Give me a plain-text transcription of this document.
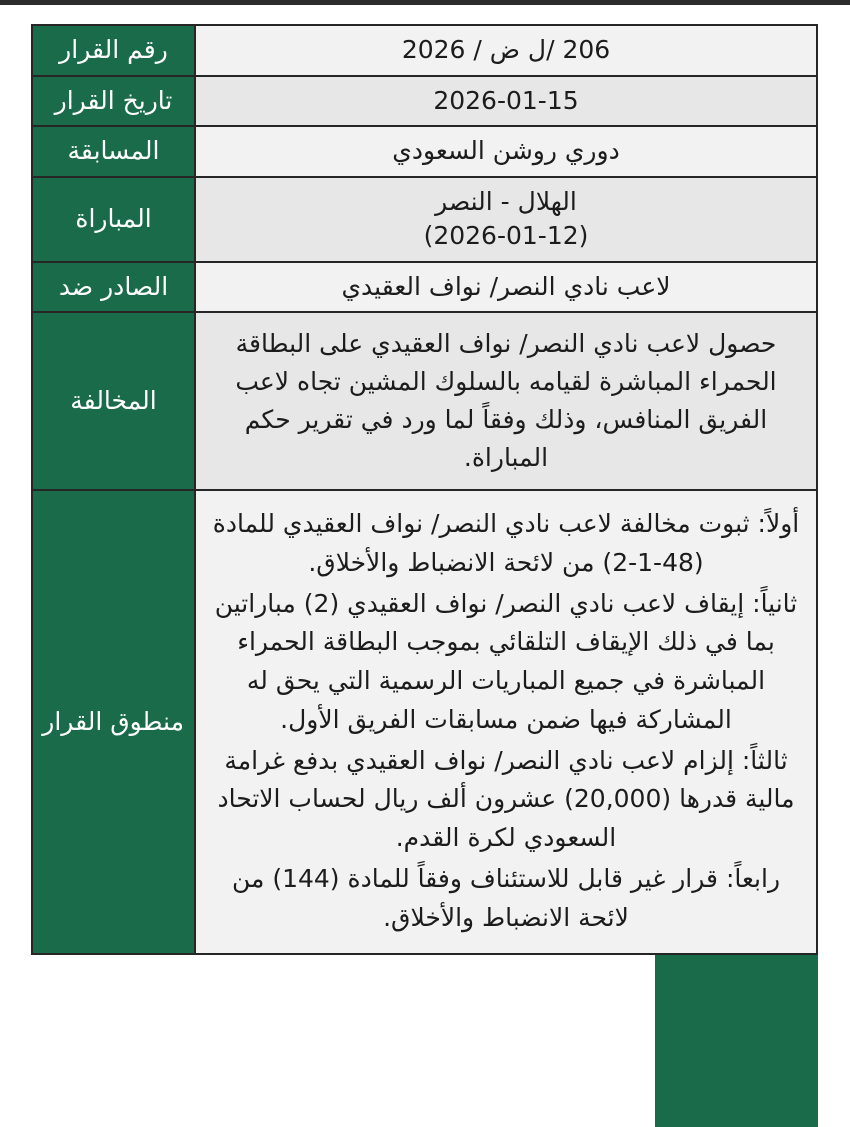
206 /ل ض / 2026	رقم القرار
2026-01-15	تاريخ القرار
دوري روشن السعودي	المسابقة

الهلال - النصر
(2026-01-12)	المباراة
لاعب نادي النصر/ نواف العقيدي	الصادر ضد
حصول لاعب نادي النصر/ نواف العقيدي على البطاقة الحمراء المباشرة لقيامه بالسلوك المشين تجاه لاعب الفريق المنافس، وذلك وفقاً لما ورد في تقرير حكم المباراة.	المخالفة

أولاً: ثبوت مخالفة لاعب نادي النصر/ نواف العقيدي للمادة (48-1-2) من لائحة الانضباط والأخلاق.

ثانياً: إيقاف لاعب نادي النصر/ نواف العقيدي (2) مباراتين بما في ذلك الإيقاف التلقائي بموجب البطاقة الحمراء المباشرة في جميع المباريات الرسمية التي يحق له المشاركة فيها ضمن مسابقات الفريق الأول.

ثالثاً: إلزام لاعب نادي النصر/ نواف العقيدي بدفع غرامة مالية قدرها (20,000) عشرون ألف ريال لحساب الاتحاد السعودي لكرة القدم.

رابعاً: قرار غير قابل للاستئناف وفقاً للمادة (144) من لائحة الانضباط والأخلاق.	منطوق القرار
